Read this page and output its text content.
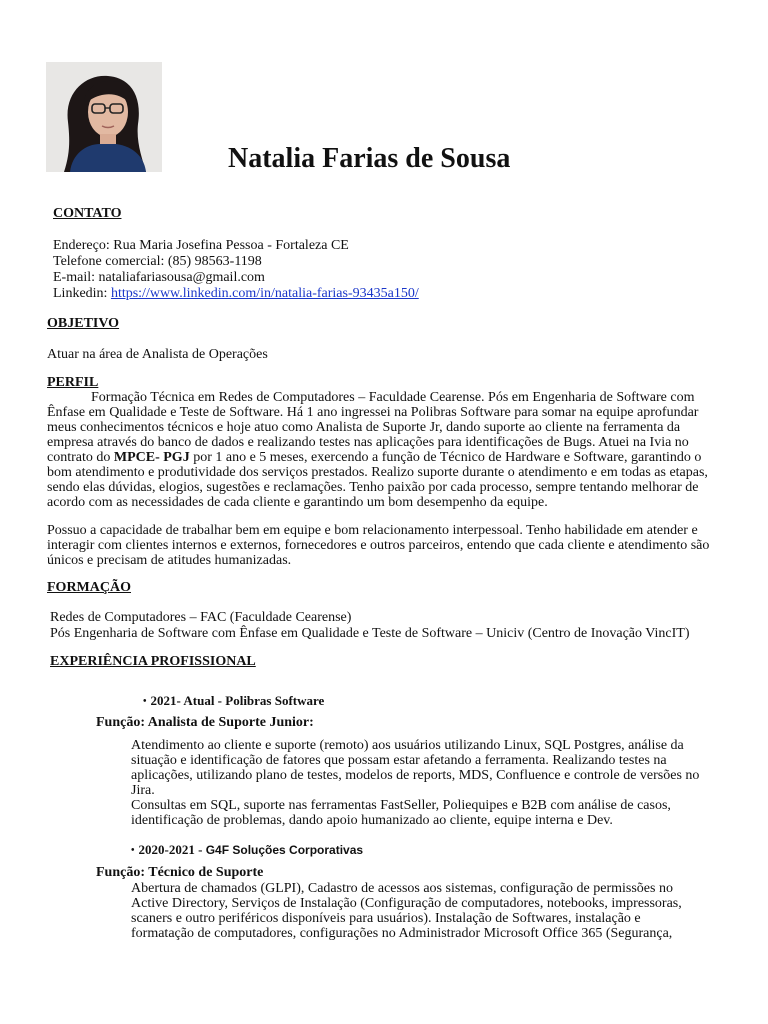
Natalia Farias de Sousa
CONTATO
Endereço: Rua Maria Josefina Pessoa - Fortaleza CE
Telefone comercial: (85) 98563-1198
E-mail: nataliafariasousa@gmail.com
Linkedin: https://www.linkedin.com/in/natalia-farias-93435a150/
OBJETIVO
Atuar na área de Analista de Operações
PERFIL
Formação Técnica em Redes de Computadores – Faculdade Cearense. Pós em Engenharia de Software com Ênfase em Qualidade e Teste de Software. Há 1 ano ingressei na Polibras Software para somar na equipe aprofundar meus conhecimentos técnicos e hoje atuo como Analista de Suporte Jr, dando suporte ao cliente na ferramenta da empresa através do banco de dados e realizando testes nas aplicações para identificações de Bugs. Atuei na Ivia no contrato do MPCE- PGJ por 1 ano e 5 meses, exercendo a função de Técnico de Hardware e Software, garantindo o bom atendimento e produtividade dos serviços prestados. Realizo suporte durante o atendimento e em todas as etapas, sendo elas dúvidas, elogios, sugestões e reclamações. Tenho paixão por cada processo, sempre tentando melhorar de acordo com as necessidades de cada cliente e garantindo um bom desempenho da equipe.
Possuo a capacidade de trabalhar bem em equipe e bom relacionamento interpessoal. Tenho habilidade em atender e interagir com clientes internos e externos, fornecedores e outros parceiros, entendo que cada cliente e atendimento são únicos e precisam de atitudes humanizadas.
FORMAÇÃO
Redes de Computadores – FAC (Faculdade Cearense)
Pós Engenharia de Software com Ênfase em Qualidade e Teste de Software – Uniciv (Centro de Inovação VincIT)
EXPERIÊNCIA PROFISSIONAL
• 2021- Atual - Polibras Software
Função: Analista de Suporte Junior:
Atendimento ao cliente e suporte (remoto) aos usuários utilizando Linux, SQL Postgres, análise da situação e identificação de fatores que possam estar afetando a ferramenta. Realizando testes na aplicações, utilizando plano de testes, modelos de reports, MDS, Confluence e controle de versões no Jira.
Consultas em SQL, suporte nas ferramentas FastSeller, Poliequipes e B2B com análise de casos, identificação de problemas, dando apoio humanizado ao cliente, equipe interna e Dev.
• 2020-2021 - G4F Soluções Corporativas
Função: Técnico de Suporte
Abertura de chamados (GLPI), Cadastro de acessos aos sistemas, configuração de permissões no Active Directory, Serviços de Instalação (Configuração de computadores, notebooks, impressoras, scaners e outro periféricos disponíveis para usuários). Instalação de Softwares, instalação e formatação de computadores, configurações no Administrador Microsoft Office 365 (Segurança,
